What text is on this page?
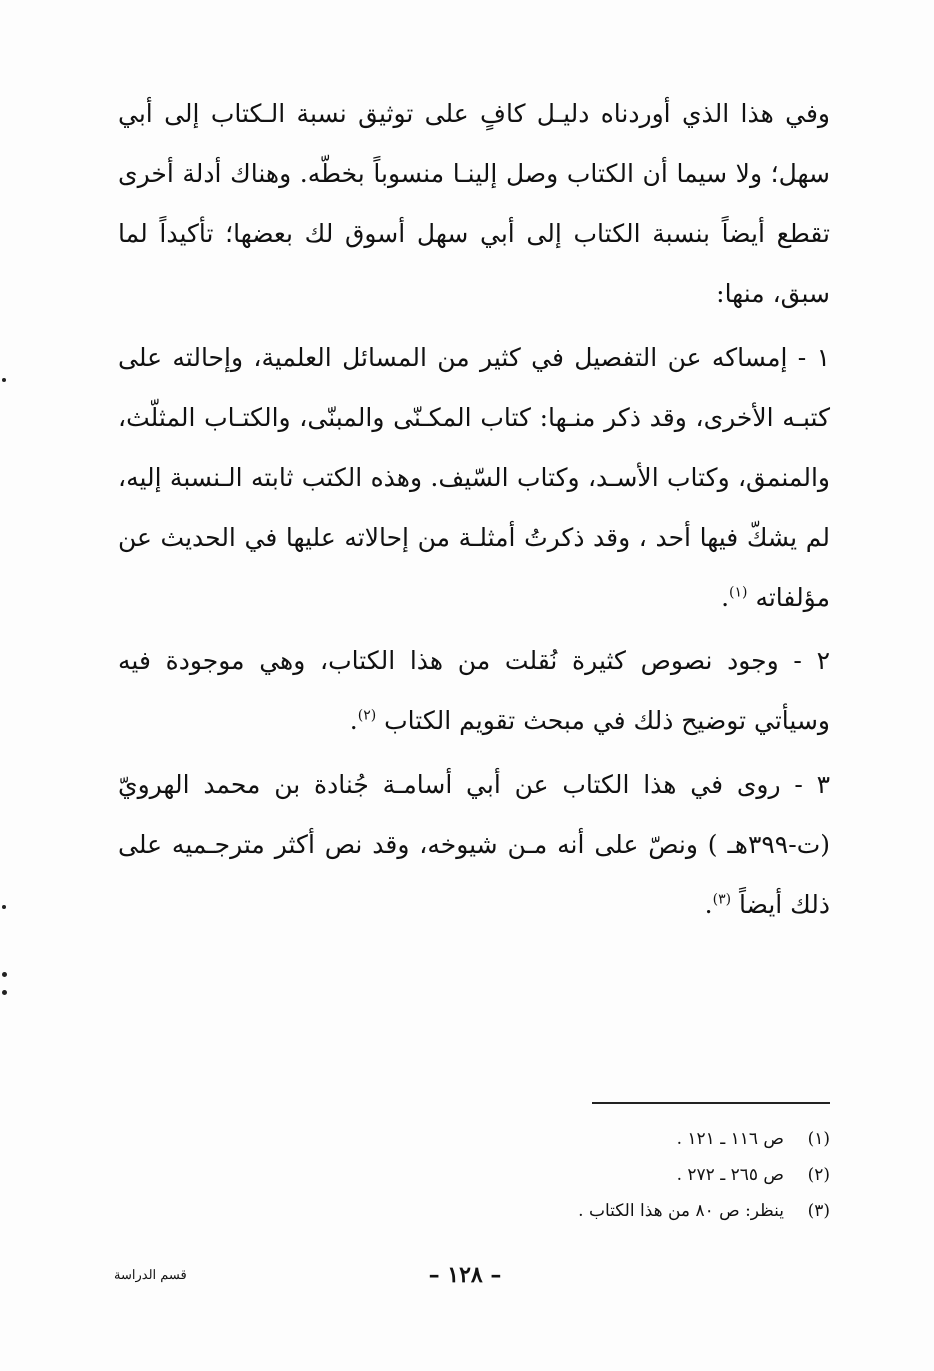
وفي هذا الذي أوردناه دليـل كافٍ على توثيق نسبة الـكتاب إلى أبي سهل؛ ولا سيما أن الكتاب وصل إلينـا منسوباً بخطّه. وهناك أدلة أخرى تقطع أيضاً بنسبة الكتاب إلى أبي سهل أسوق لك بعضها؛ تأكيداً لما سبق، منها:

١ - إمساكه عن التفصيل في كثير من المسائل العلمية، وإحالته على كتبـه الأخرى، وقد ذكر منـها: كتاب المكـنّى والمبنّى، والكتـاب المثلّث، والمنمق، وكتاب الأسـد، وكتاب السّيف. وهذه الكتب ثابته الـنسبة إليه، لم يشكّ فيها أحد ، وقد ذكرتُ أمثلـة من إحالاته عليها في الحديث عن مؤلفاته $^{(١)}$.

٢ - وجود نصوص كثيرة نُقلت من هذا الكتاب، وهي موجودة فيه وسيأتي توضيح ذلك في مبحث تقويم الكتاب $^{(٢)}$.

٣ - روى في هذا الكتاب عن أبي أسامـة جُنادة بن محمد الهرويّ (ت-٣٩٩هـ ) ونصّ على أنه مـن شيوخه، وقد نص أكثر مترجـميه على ذلك أيضاً $^{(٣)}$.

(١)
ص ١١٦ ـ ١٢١ .
(٢)
ص ٢٦٥ ـ ٢٧٢ .
(٣)
ينظر: ص ٨٠ من هذا الكتاب .
– ١٢٨ –
قسم الدراسة
